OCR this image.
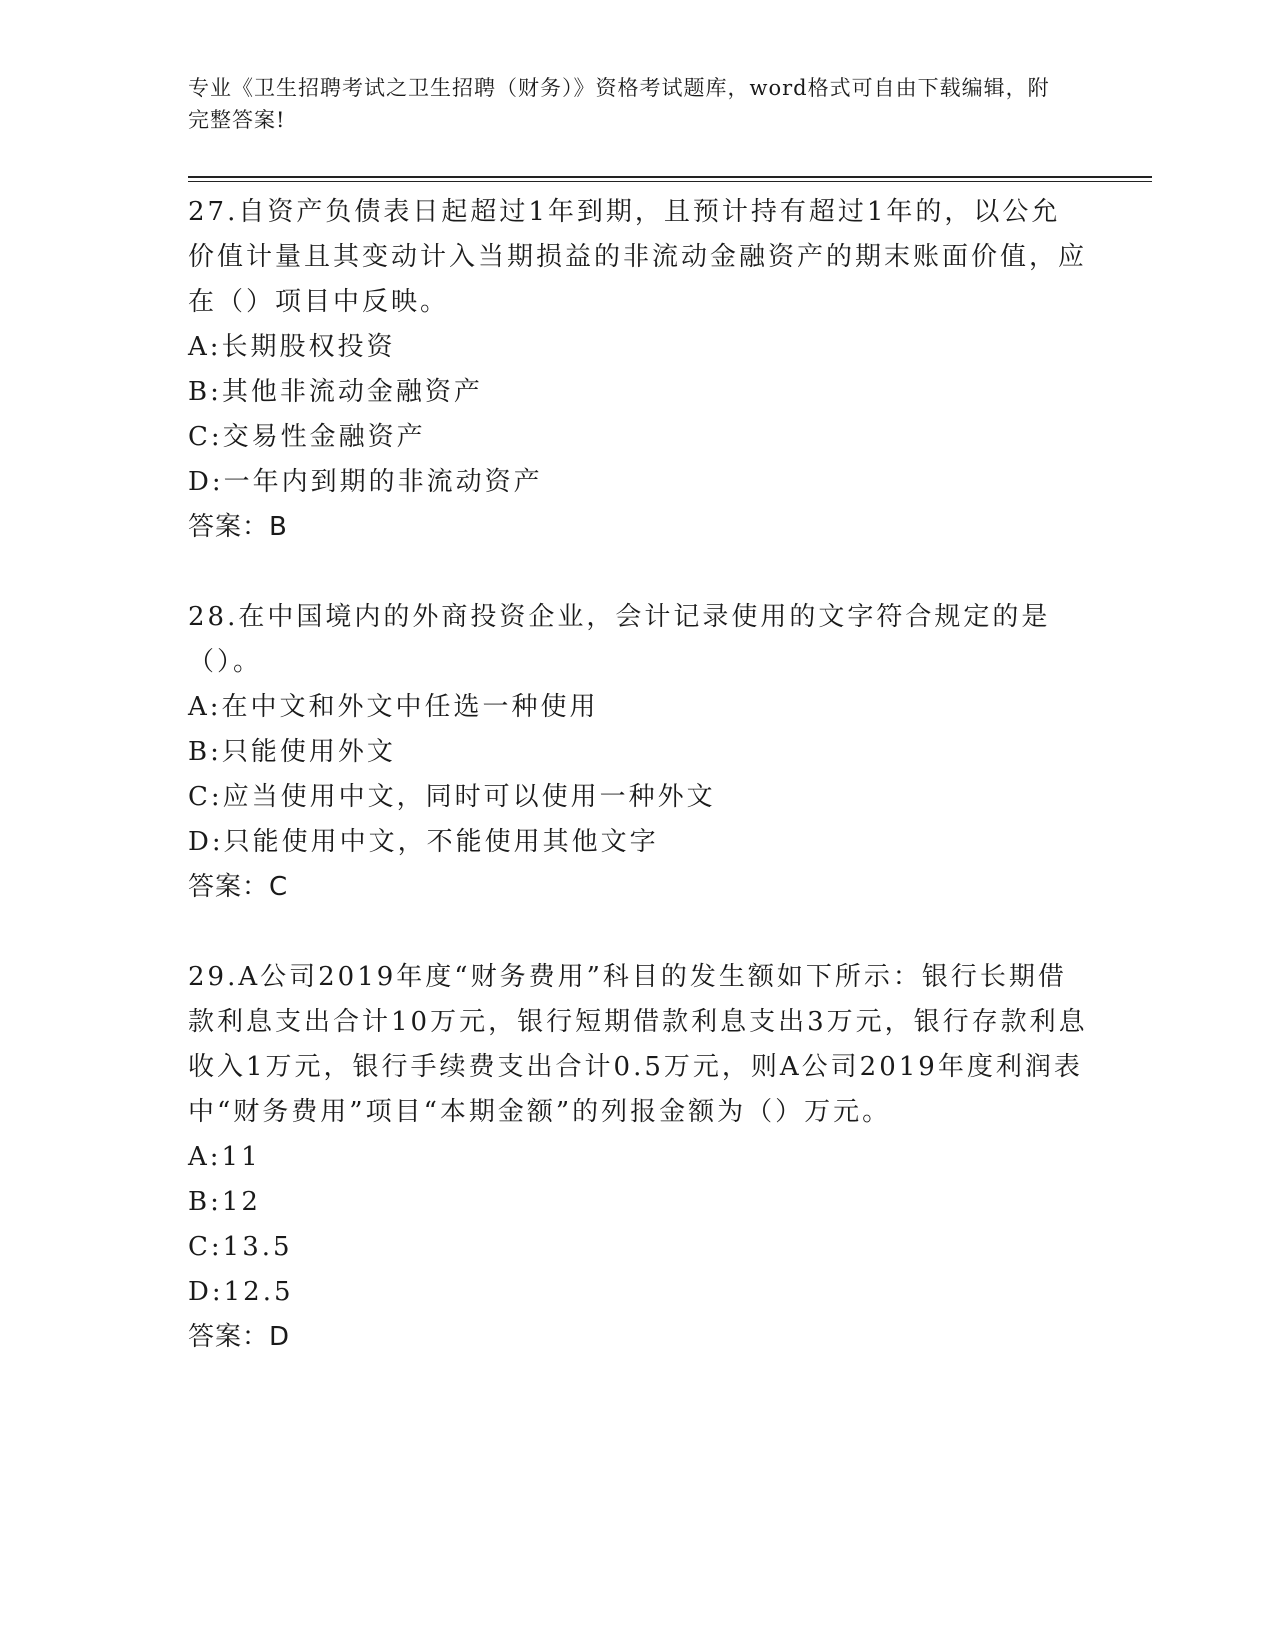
专业《卫生招聘考试之卫生招聘（财务）》资格考试题库，word格式可自由下载编辑，附完整答案!
27.自资产负债表日起超过1年到期，且预计持有超过1年的，以公允价值计量且其变动计入当期损益的非流动金融资产的期末账面价值，应在（）项目中反映。
A:长期股权投资
B:其他非流动金融资产
C:交易性金融资产
D:一年内到期的非流动资产
答案：B
28.在中国境内的外商投资企业，会计记录使用的文字符合规定的是（）。
A:在中文和外文中任选一种使用
B:只能使用外文
C:应当使用中文，同时可以使用一种外文
D:只能使用中文，不能使用其他文字
答案：C
29.A公司2019年度“财务费用”科目的发生额如下所示：银行长期借款利息支出合计10万元，银行短期借款利息支出3万元，银行存款利息收入1万元，银行手续费支出合计0.5万元，则A公司2019年度利润表中“财务费用”项目“本期金额”的列报金额为（）万元。
A:11
B:12
C:13.5
D:12.5
答案：D
